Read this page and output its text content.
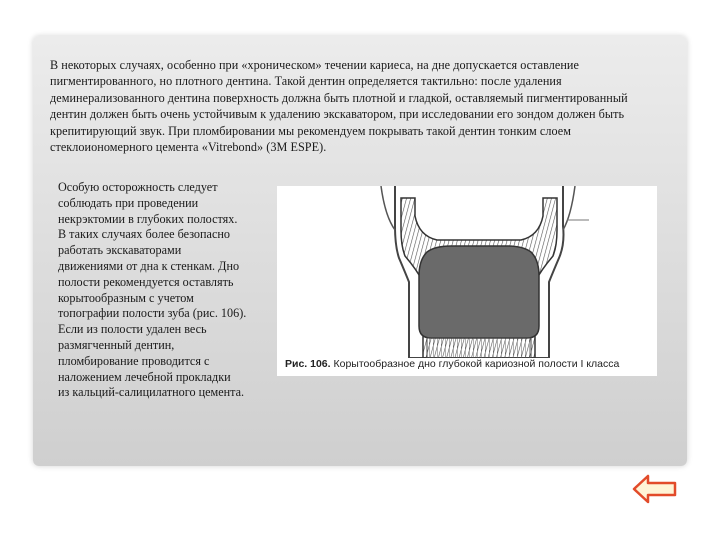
В некоторых случаях, особенно при «хроническом» течении кариеса, на дне допускается оставление пигментированного, но плотного дентина. Такой дентин определяется тактильно: после удаления деминерализованного дентина поверхность должна быть плотной и гладкой, оставляемый пигментированный дентин должен быть очень устойчивым к удалению экскаватором, при исследовании его зондом должен быть крепитирующий звук. При пломбировании мы рекомендуем покрывать такой дентин тонким слоем стеклоиономерного цемента «Vitrebond» (3М ESPE).

Особую осторожность следует
соблюдать при проведении
некрэктомии в глубоких полостях.
В таких случаях более безопасно
работать экскаваторами
движениями от дна к стенкам. Дно
полости рекомендуется оставлять
корытообразным с учетом
топографии полости зуба (рис. 106).
Если из полости удален весь
размягченный дентин,
пломбирование проводится с
наложением лечебной прокладки
из кальций-салицилатного цемента.

Рис. 106. Корытообразное дно глубокой кариозной полости I класса
